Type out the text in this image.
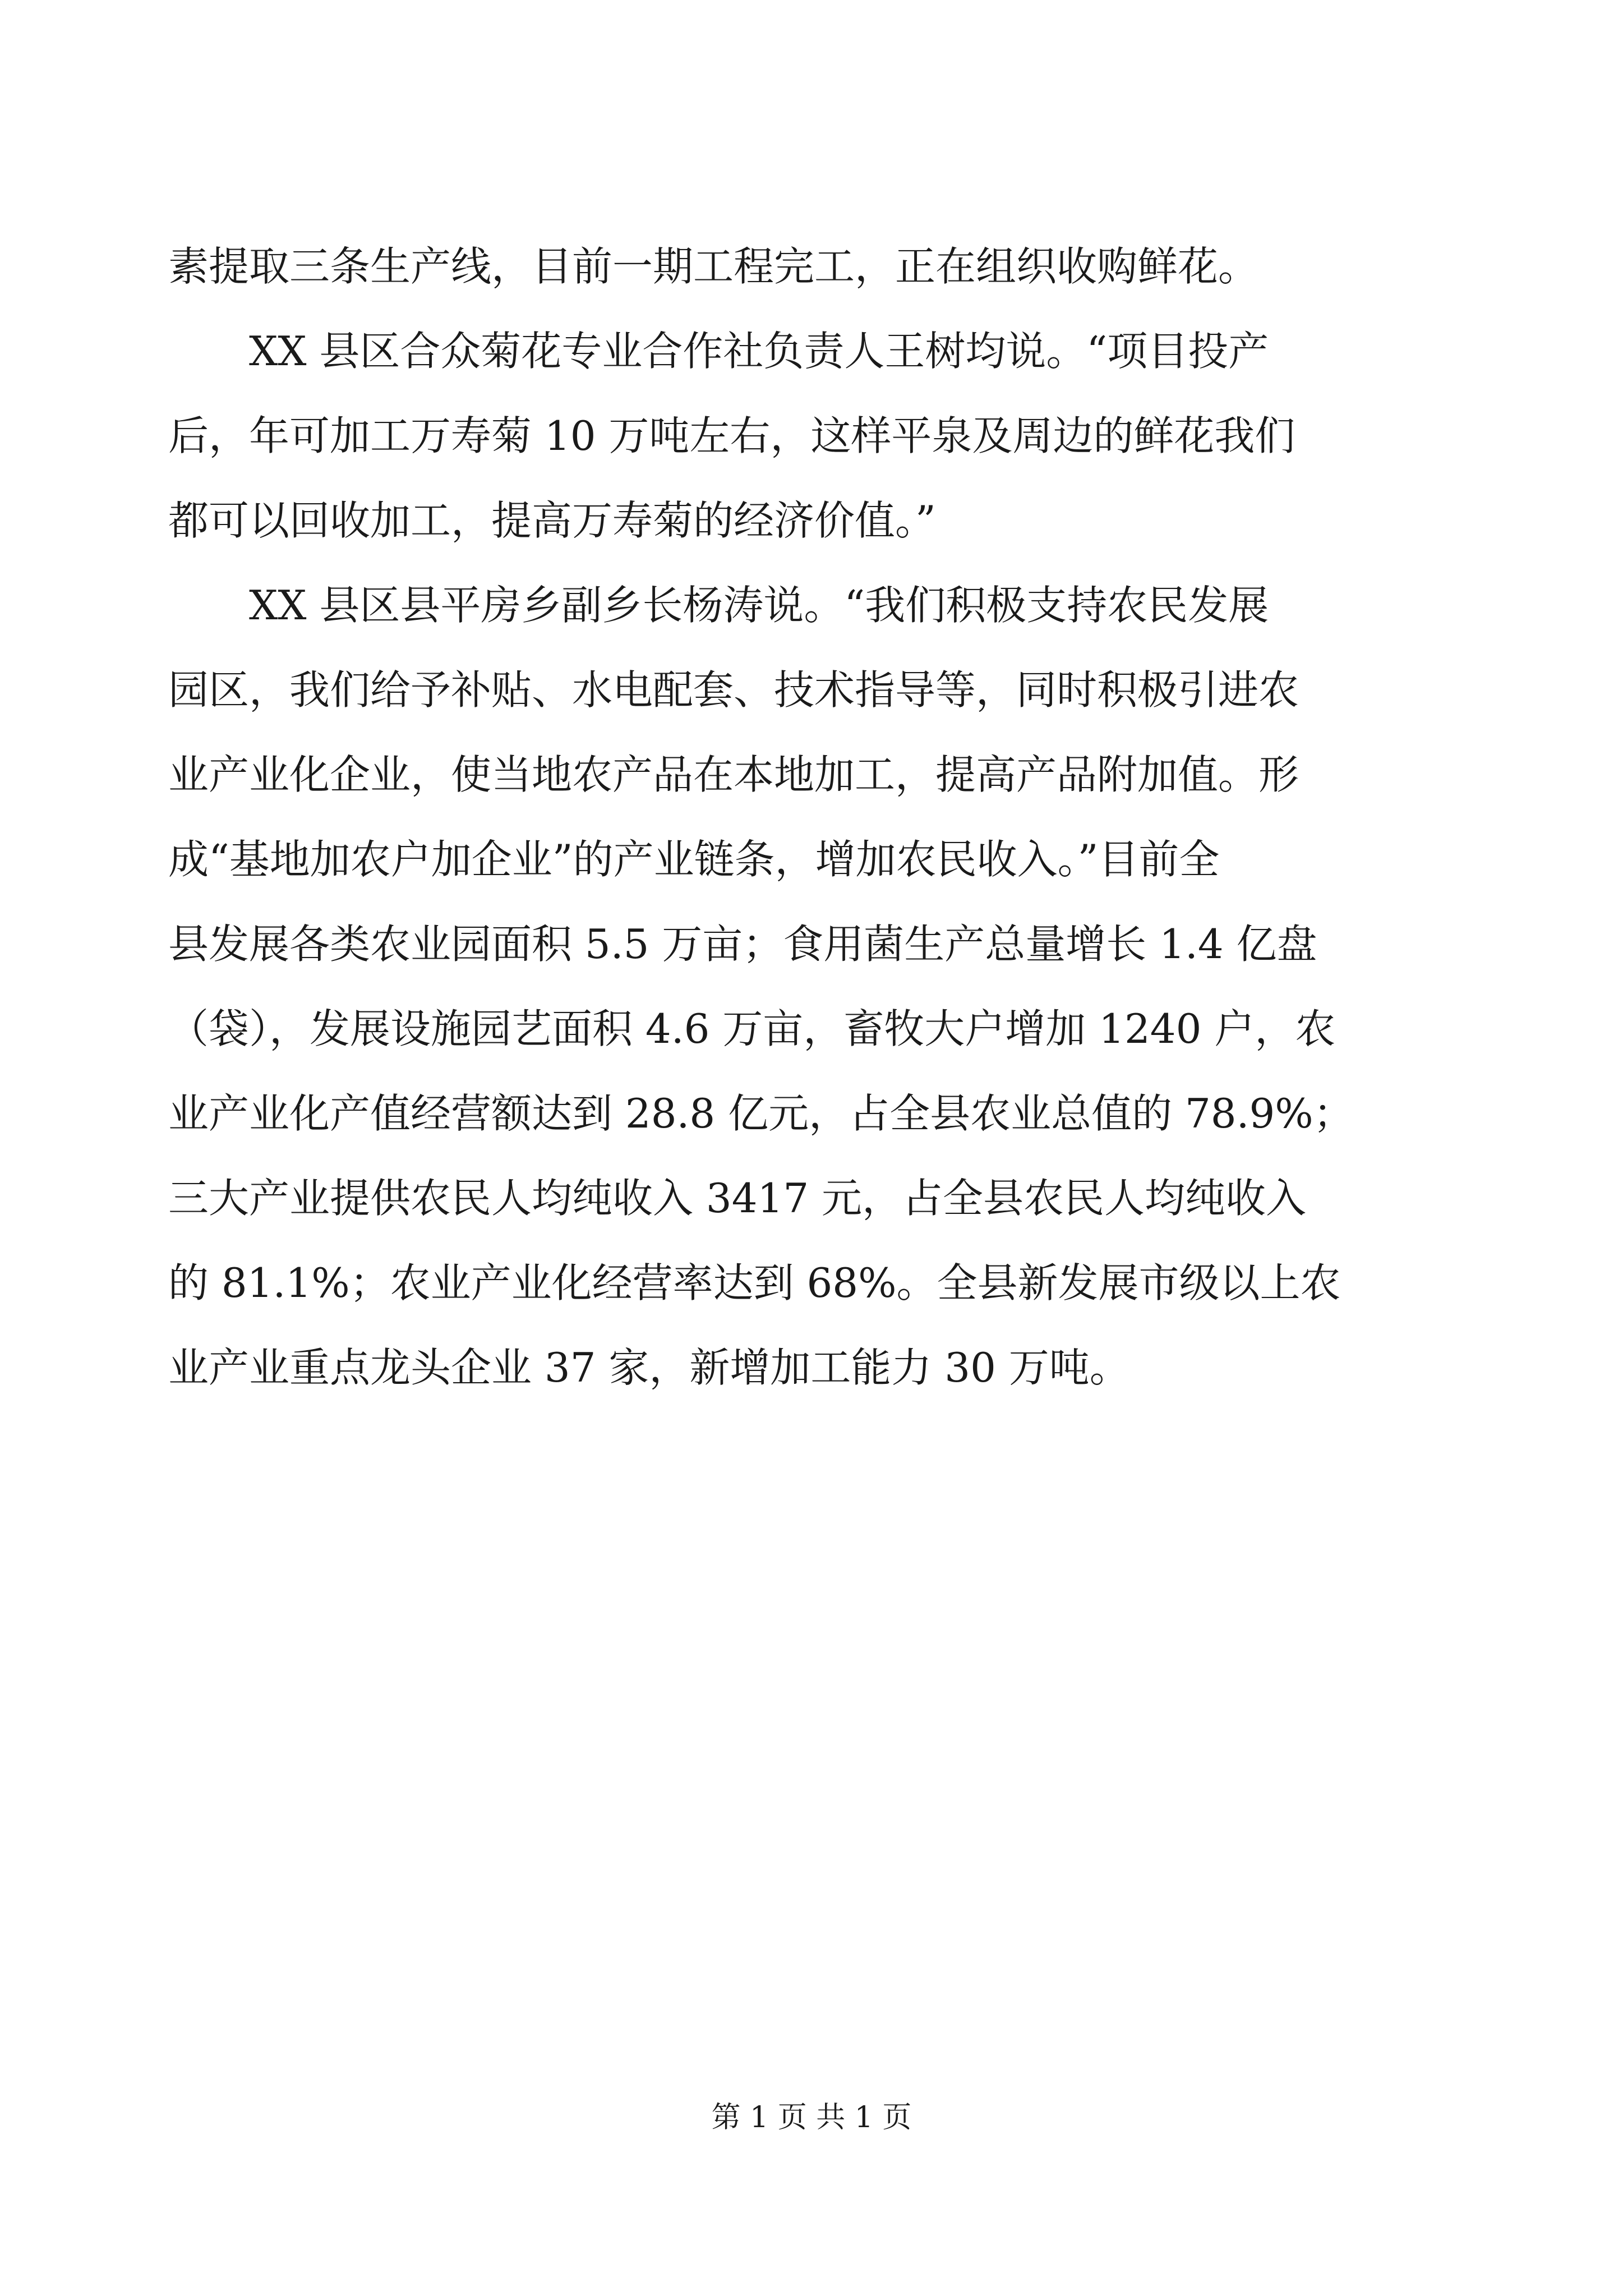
素提取三条生产线，目前一期工程完工，正在组织收购鲜花。

　　XX 县区合众菊花专业合作社负责人王树均说。“项目投产
后，年可加工万寿菊 10 万吨左右，这样平泉及周边的鲜花我们
都可以回收加工，提高万寿菊的经济价值。”

　　XX 县区县平房乡副乡长杨涛说。“我们积极支持农民发展
园区，我们给予补贴、水电配套、技术指导等，同时积极引进农
业产业化企业，使当地农产品在本地加工，提高产品附加值。形
成“基地加农户加企业”的产业链条，增加农民收入。”目前全
县发展各类农业园面积 5.5 万亩；食用菌生产总量增长 1.4 亿盘
（袋），发展设施园艺面积 4.6 万亩，畜牧大户增加 1240 户，农
业产业化产值经营额达到 28.8 亿元，占全县农业总值的 78.9%；
三大产业提供农民人均纯收入 3417 元，占全县农民人均纯收入
的 81.1%；农业产业化经营率达到 68%。全县新发展市级以上农
业产业重点龙头企业 37 家，新增加工能力 30 万吨。

第 1 页 共 1 页
